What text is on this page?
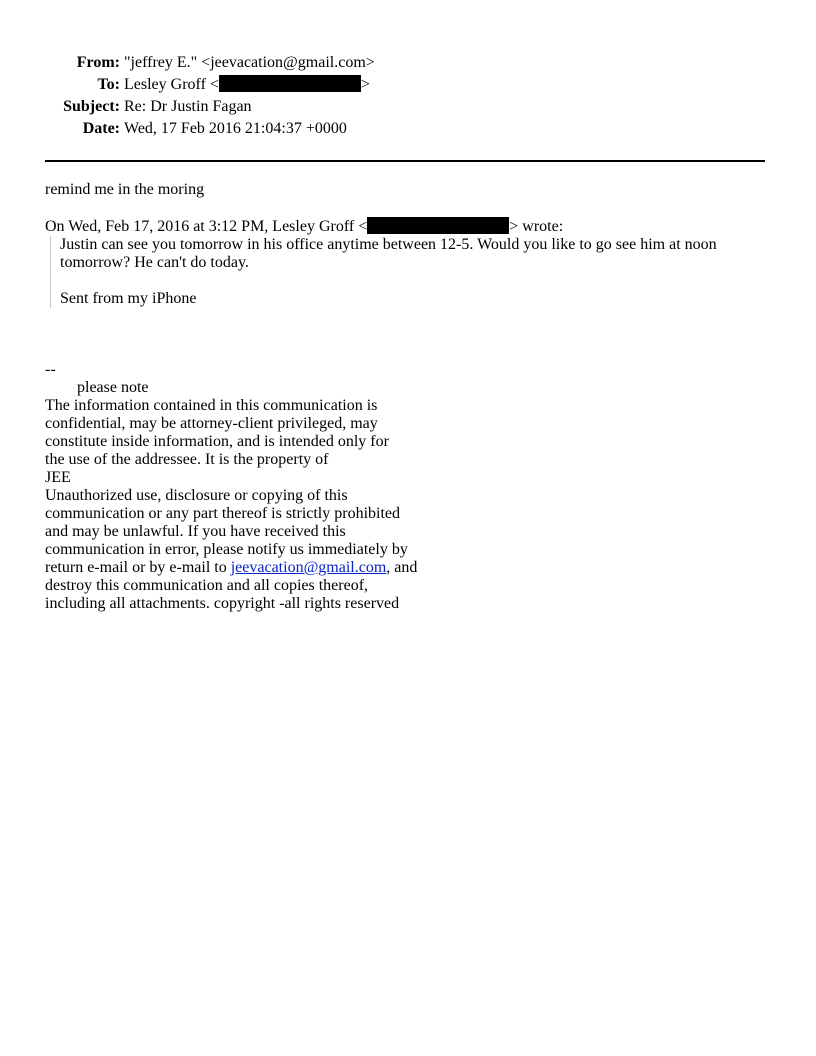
From: "jeffrey E." <jeevacation@gmail.com>
To: Lesley Groff <	>
Subject: Re: Dr Justin Fagan
Date: Wed, 17 Feb 2016 21:04:37 +0000

remind me in the moring

On Wed, Feb 17, 2016 at 3:12 PM, Lesley Groff <	> wrote:

Justin can see you tomorrow in his office anytime between 12-5. Would you like to go see him at noon tomorrow? He can't do today.

Sent from my iPhone

--

please note

The information contained in this communication is

confidential, may be attorney-client privileged, may

constitute inside information, and is intended only for

the use of the addressee. It is the property of

JEE

Unauthorized use, disclosure or copying of this

communication or any part thereof is strictly prohibited

and may be unlawful. If you have received this

communication in error, please notify us immediately by

return e-mail or by e-mail to jeevacation@gmail.com, and

destroy this communication and all copies thereof,

including all attachments. copyright -all rights reserved
